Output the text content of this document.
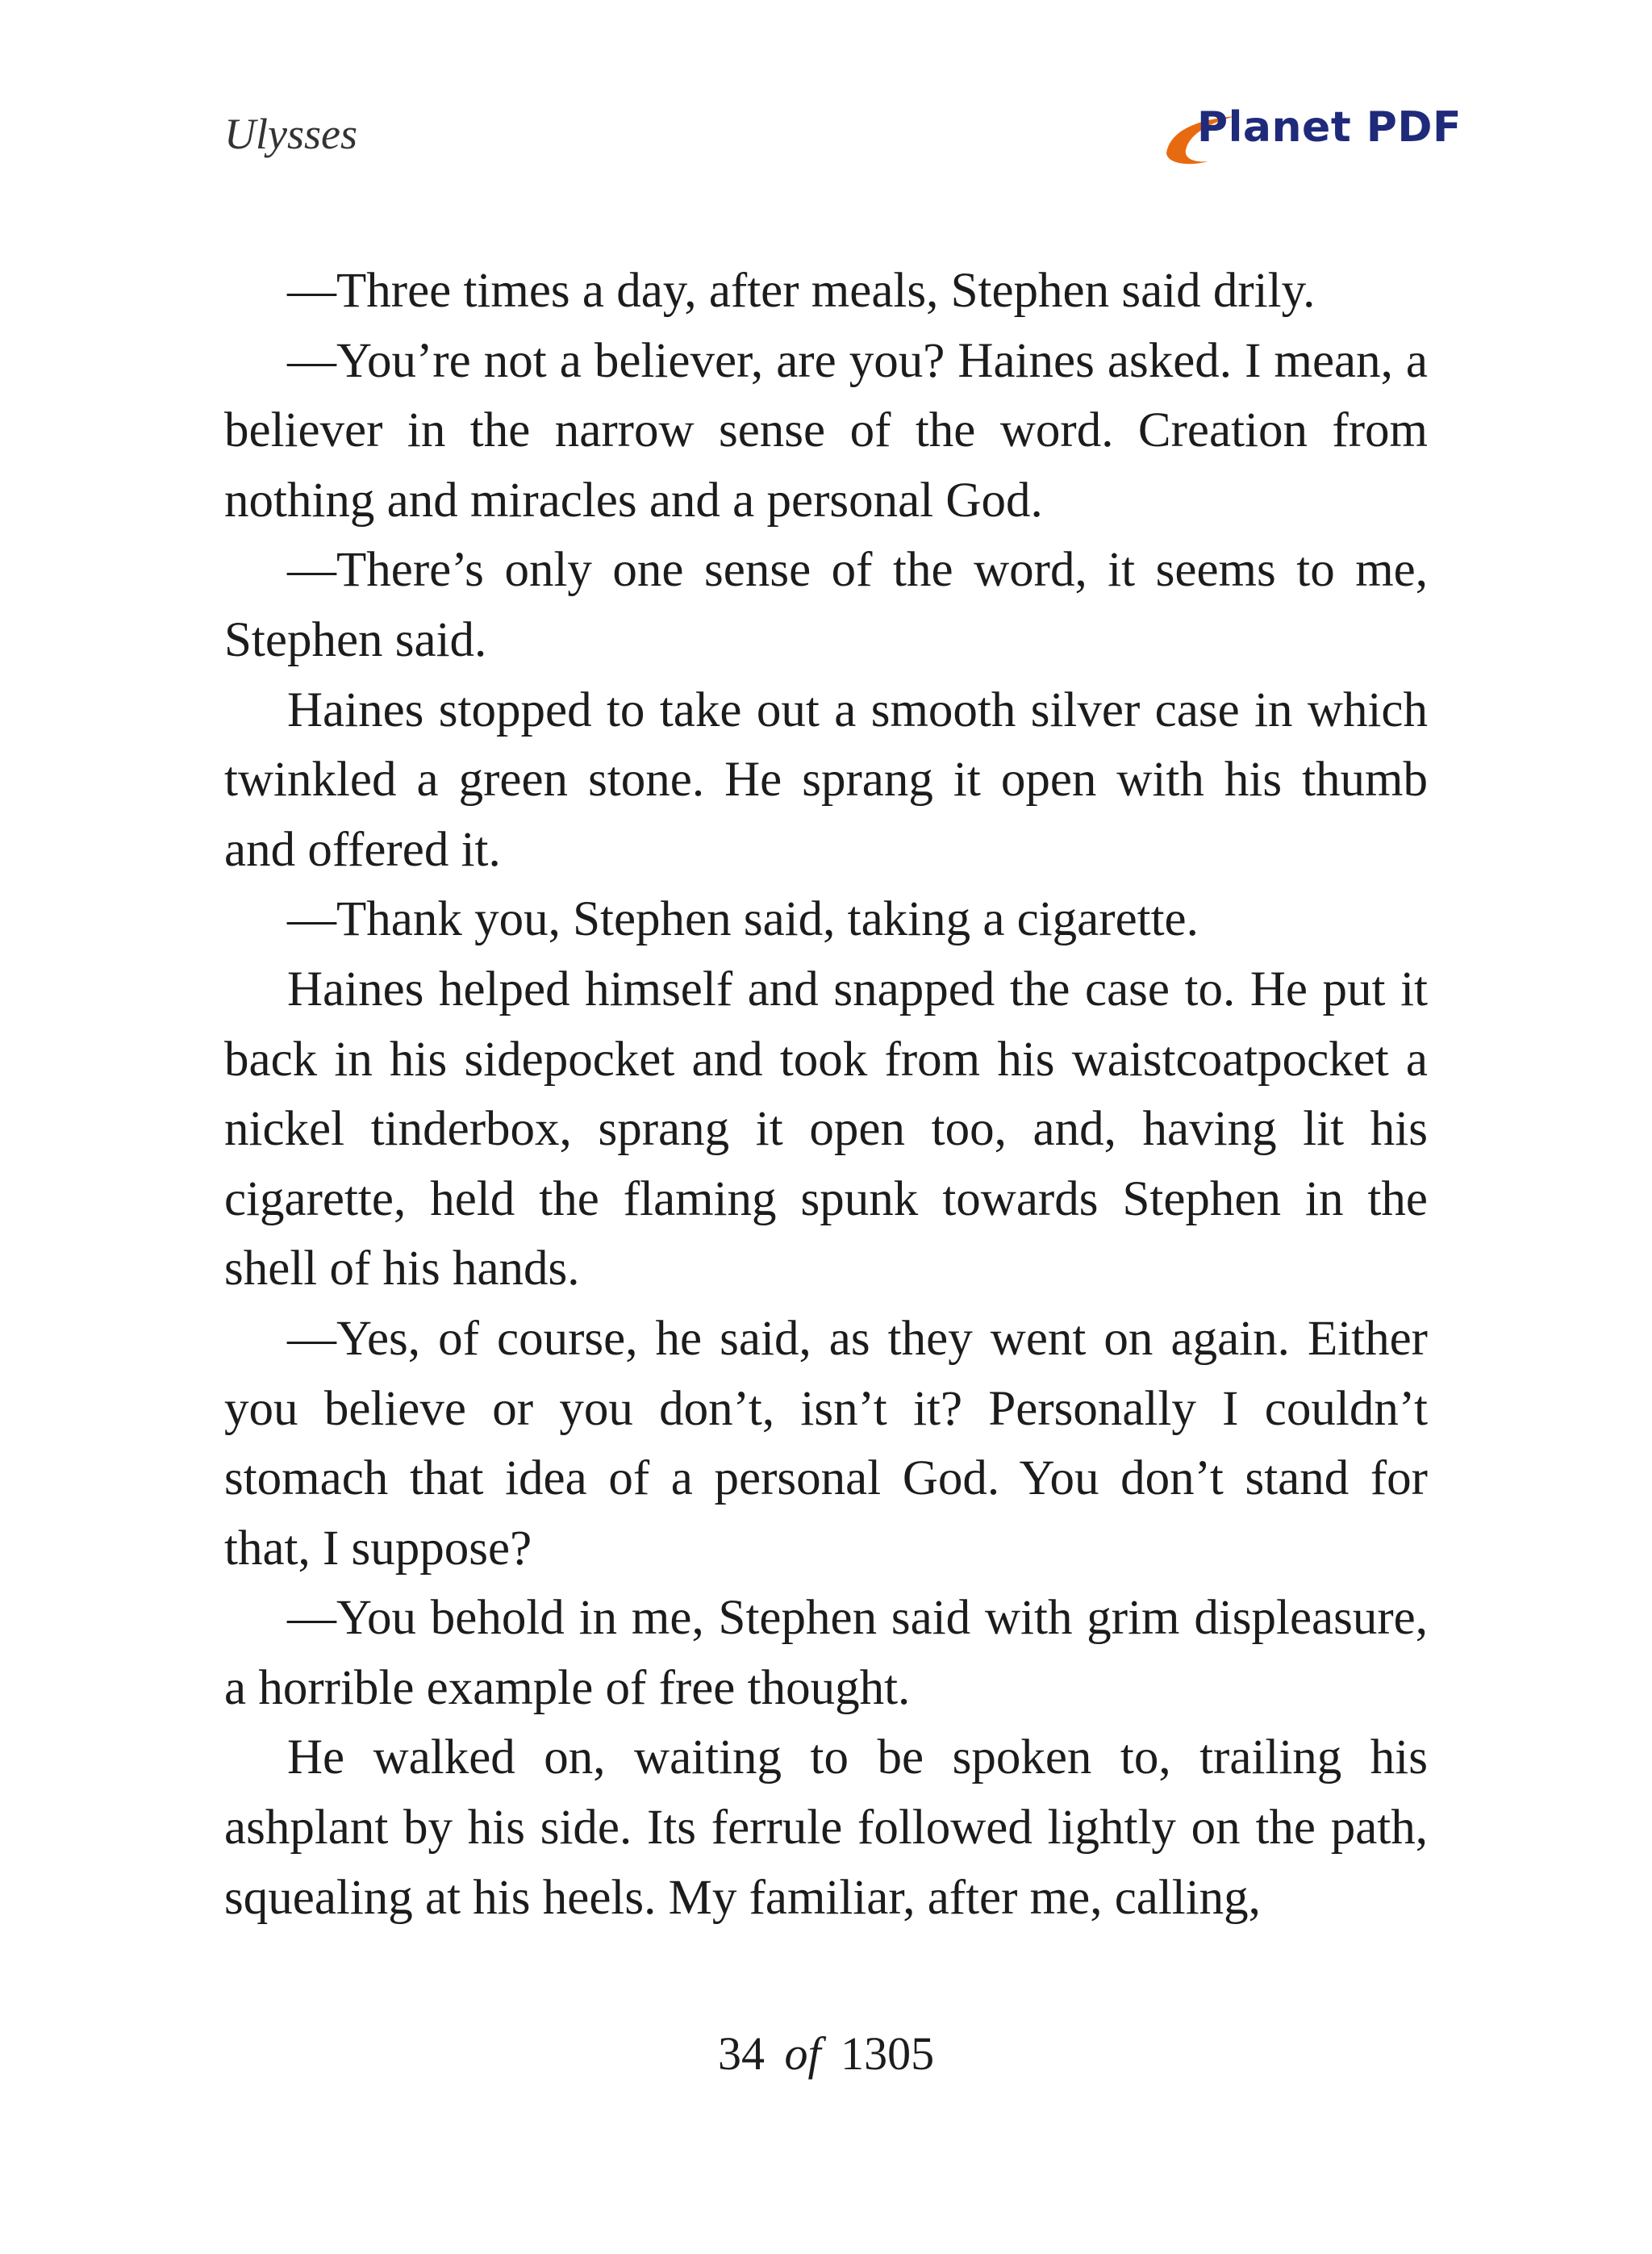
Ulysses	Planet PDF

—Three times a day, after meals, Stephen said drily.

—You’re not a believer, are you? Haines asked. I mean, a believer in the narrow sense of the word. Creation from nothing and miracles and a personal God.

—There’s only one sense of the word, it seems to me, Stephen said.

Haines stopped to take out a smooth silver case in which twinkled a green stone. He sprang it open with his thumb and offered it.

—Thank you, Stephen said, taking a cigarette.

Haines helped himself and snapped the case to. He put it back in his sidepocket and took from his waistcoatpocket a nickel tinderbox, sprang it open too, and, having lit his cigarette, held the flaming spunk towards Stephen in the shell of his hands.

—Yes, of course, he said, as they went on again. Either you believe or you don’t, isn’t it? Personally I couldn’t stomach that idea of a personal God. You don’t stand for that, I suppose?

—You behold in me, Stephen said with grim displeasure, a horrible example of free thought.

He walked on, waiting to be spoken to, trailing his ashplant by his side. Its ferrule followed lightly on the path, squealing at his heels. My familiar, after me, calling,

34 of 1305
